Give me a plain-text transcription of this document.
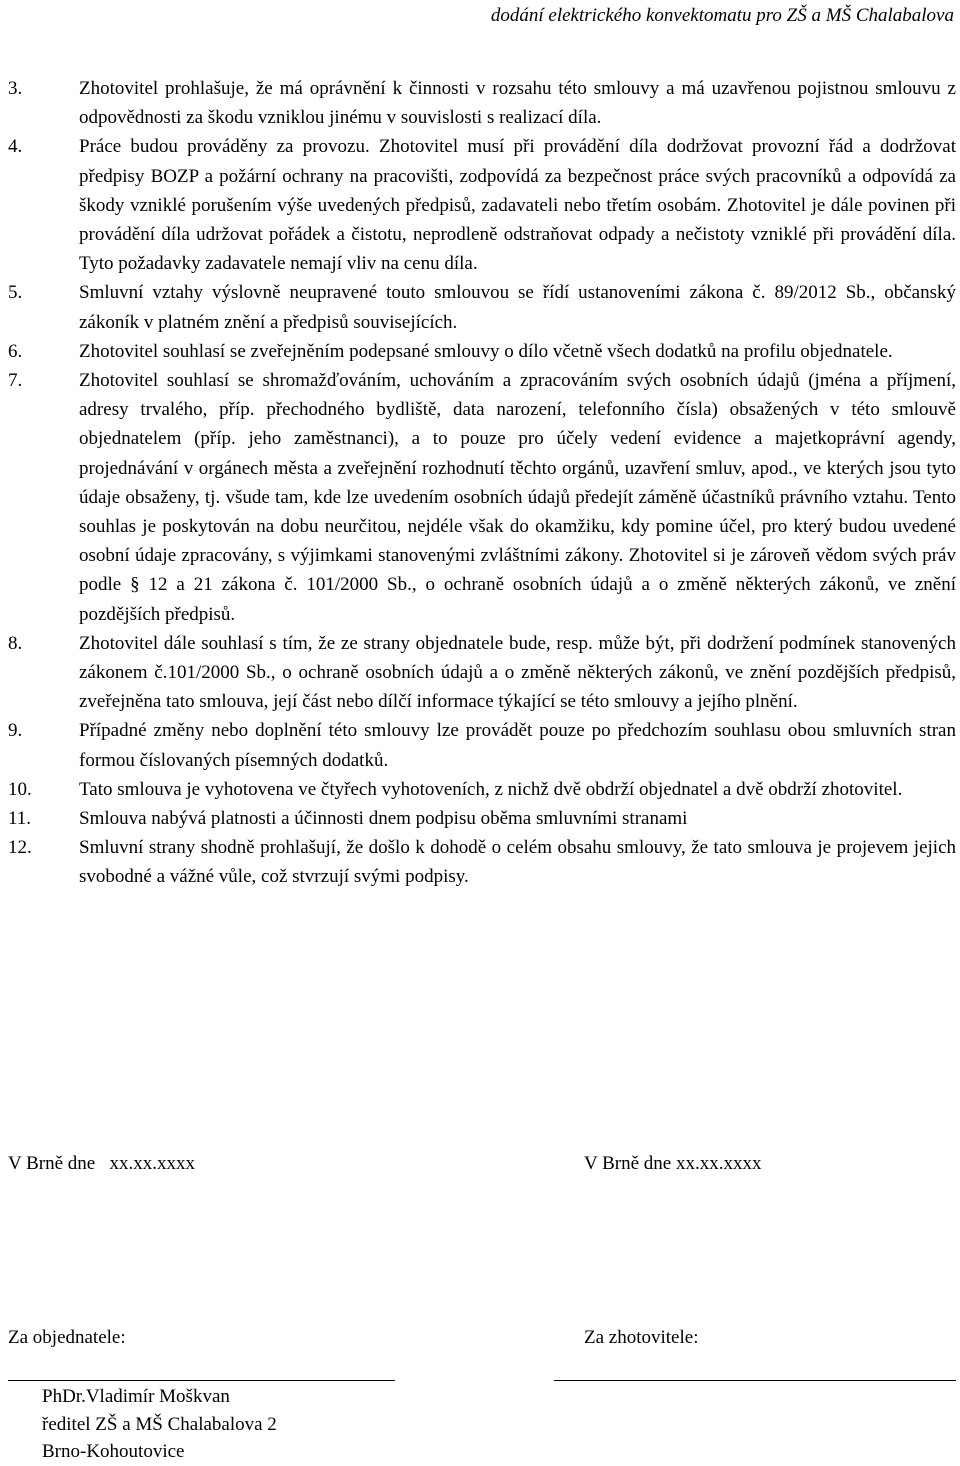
dodání elektrického konvektomatu pro ZŠ a MŠ Chalabalova
3.	Zhotovitel prohlašuje, že má oprávnění k činnosti v rozsahu této smlouvy a má uzavřenou pojistnou smlouvu z odpovědnosti za škodu vzniklou jinému v souvislosti s realizací díla.
4.	Práce budou prováděny za provozu. Zhotovitel musí při provádění díla dodržovat provozní řád a dodržovat předpisy BOZP a požární ochrany na pracovišti, zodpovídá za bezpečnost práce svých pracovníků a odpovídá za škody vzniklé porušením výše uvedených předpisů, zadavateli nebo třetím osobám. Zhotovitel je dále povinen při provádění díla udržovat pořádek a čistotu, neprodleně odstraňovat odpady a nečistoty vzniklé při provádění díla. Tyto požadavky zadavatele nemají vliv na cenu díla.
5.	Smluvní vztahy výslovně neupravené touto smlouvou se řídí ustanoveními zákona č. 89/2012 Sb., občanský zákoník v platném znění a předpisů souvisejících.
6.	Zhotovitel souhlasí se zveřejněním podepsané smlouvy o dílo včetně všech dodatků na profilu objednatele.
7.	Zhotovitel souhlasí se shromažďováním, uchováním a zpracováním svých osobních údajů (jména a příjmení, adresy trvalého, příp. přechodného bydliště, data narození, telefonního čísla) obsažených v této smlouvě objednatelem (příp. jeho zaměstnanci), a to pouze pro účely vedení evidence a majetkoprávní agendy, projednávání v orgánech města a zveřejnění rozhodnutí těchto orgánů, uzavření smluv, apod., ve kterých jsou tyto údaje obsaženy, tj. všude tam, kde lze uvedením osobních údajů předejít záměně účastníků právního vztahu. Tento souhlas je poskytován na dobu neurčitou, nejdéle však do okamžiku, kdy pomine účel, pro který budou uvedené osobní údaje zpracovány, s výjimkami stanovenými zvláštními zákony. Zhotovitel si je zároveň vědom svých práv podle § 12 a 21 zákona č. 101/2000 Sb., o ochraně osobních údajů a o změně některých zákonů, ve znění pozdějších předpisů.
8.	Zhotovitel dále souhlasí s tím, že ze strany objednatele bude, resp. může být, při dodržení podmínek stanovených zákonem č.101/2000 Sb., o ochraně osobních údajů a o změně některých zákonů, ve znění pozdějších předpisů, zveřejněna tato smlouva, její část nebo dílčí informace týkající se této smlouvy a jejího plnění.
9.	Případné změny nebo doplnění této smlouvy lze provádět pouze po předchozím souhlasu obou smluvních stran formou číslovaných písemných dodatků.
10. Tato smlouva je vyhotovena ve čtyřech vyhotoveních, z nichž dvě obdrží objednatel a dvě obdrží zhotovitel.
11.	Smlouva nabývá platnosti a účinnosti dnem podpisu oběma smluvními stranami
12. Smluvní strany shodně prohlašují, že došlo k dohodě o celém obsahu smlouvy, že tato smlouva je projevem jejich svobodné a vážné vůle, což stvrzují svými podpisy.
V Brně dne   xx.xx.xxxx	V Brně dne xx.xx.xxxx
Za objednatele:	Za zhotovitele:
PhDr.Vladimír Moškvan
ředitel ZŠ a MŠ Chalabalova 2
Brno-Kohoutovice
